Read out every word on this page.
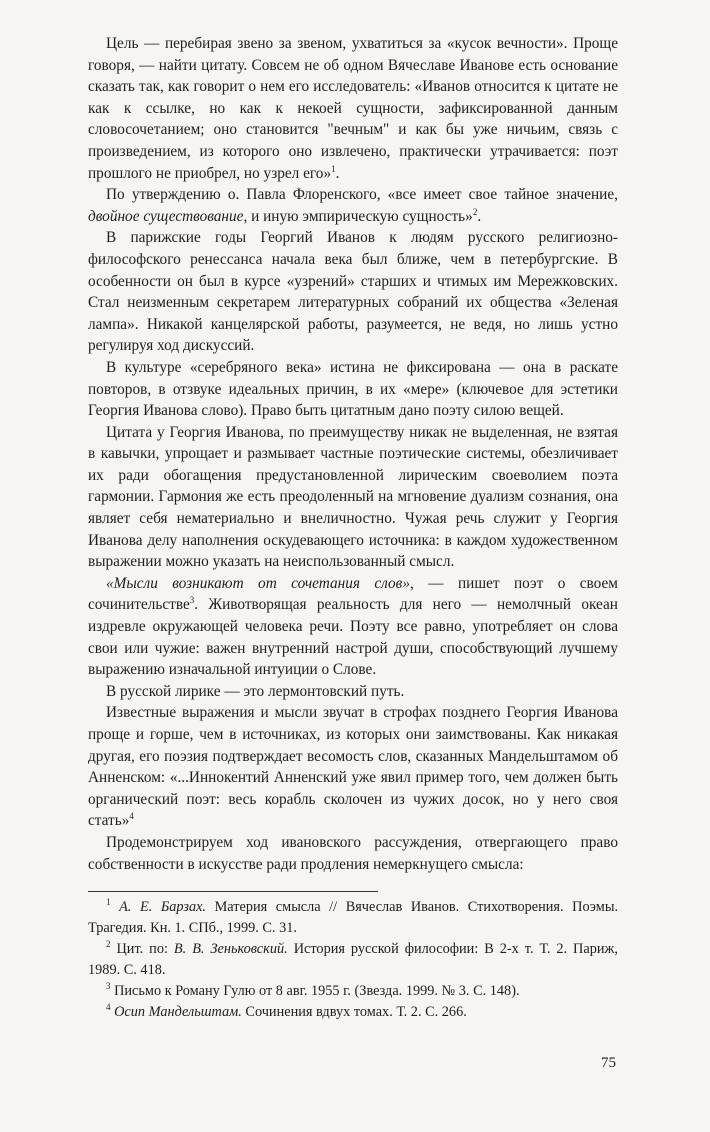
Цель — перебирая звено за звеном, ухватиться за «кусок вечности». Проще говоря, — найти цитату. Совсем не об одном Вячеславе Иванове есть основание сказать так, как говорит о нем его исследователь: «Иванов относится к цитате не как к ссылке, но как к некоей сущности, зафиксированной данным словосочетанием; оно становится "вечным" и как бы уже ничьим, связь с произведением, из которого оно извлечено, практически утрачивается: поэт прошлого не приобрел, но узрел его»$^1$.

По утверждению о. Павла Флоренского, «все имеет свое тайное значение, двойное существование, и иную эмпирическую сущность»$^2$.

В парижские годы Георгий Иванов к людям русского религиозно-философского ренессанса начала века был ближе, чем в петербургские. В особенности он был в курсе «узрений» старших и чтимых им Мережковских. Стал неизменным секретарем литературных собраний их общества «Зеленая лампа». Никакой канцелярской работы, разумеется, не ведя, но лишь устно регулируя ход дискуссий.

В культуре «серебряного века» истина не фиксирована — она в раскате повторов, в отзвуке идеальных причин, в их «мере» (ключевое для эстетики Георгия Иванова слово). Право быть цитатным дано поэту силою вещей.

Цитата у Георгия Иванова, по преимуществу никак не выделенная, не взятая в кавычки, упрощает и размывает частные поэтические системы, обезличивает их ради обогащения предустановленной лирическим своеволием поэта гармонии. Гармония же есть преодоленный на мгновение дуализм сознания, она являет себя нематериально и внеличностно. Чужая речь служит у Георгия Иванова делу наполнения оскудевающего источника: в каждом художественном выражении можно указать на неиспользованный смысл.

«Мысли возникают от сочетания слов», — пишет поэт о своем сочинительстве$^3$. Животворящая реальность для него — немолчный океан издревле окружающей человека речи. Поэту все равно, употребляет он слова свои или чужие: важен внутренний настрой души, способствующий лучшему выражению изначальной интуиции о Слове.

В русской лирике — это лермонтовский путь.

Известные выражения и мысли звучат в строфах позднего Георгия Иванова проще и горше, чем в источниках, из которых они заимствованы. Как никакая другая, его поэзия подтверждает весомость слов, сказанных Мандельштамом об Анненском: «...Иннокентий Анненский уже явил пример того, чем должен быть органический поэт: весь корабль сколочен из чужих досок, но у него своя стать»$^4$

Продемонстрируем ход ивановского рассуждения, отвергающего право собственности в искусстве ради продления немеркнущего смысла:

$^1$ А. Е. Барзах. Материя смысла // Вячеслав Иванов. Стихотворения. Поэмы. Трагедия. Кн. 1. СПб., 1999. С. 31.

$^2$ Цит. по: В. В. Зеньковский. История русской философии: В 2-х т. Т. 2. Париж, 1989. С. 418.

$^3$ Письмо к Роману Гулю от 8 авг. 1955 г. (Звезда. 1999. № 3. С. 148).

$^4$ Осип Мандельштам. Сочинения вдвух томах. Т. 2. С. 266.

75
